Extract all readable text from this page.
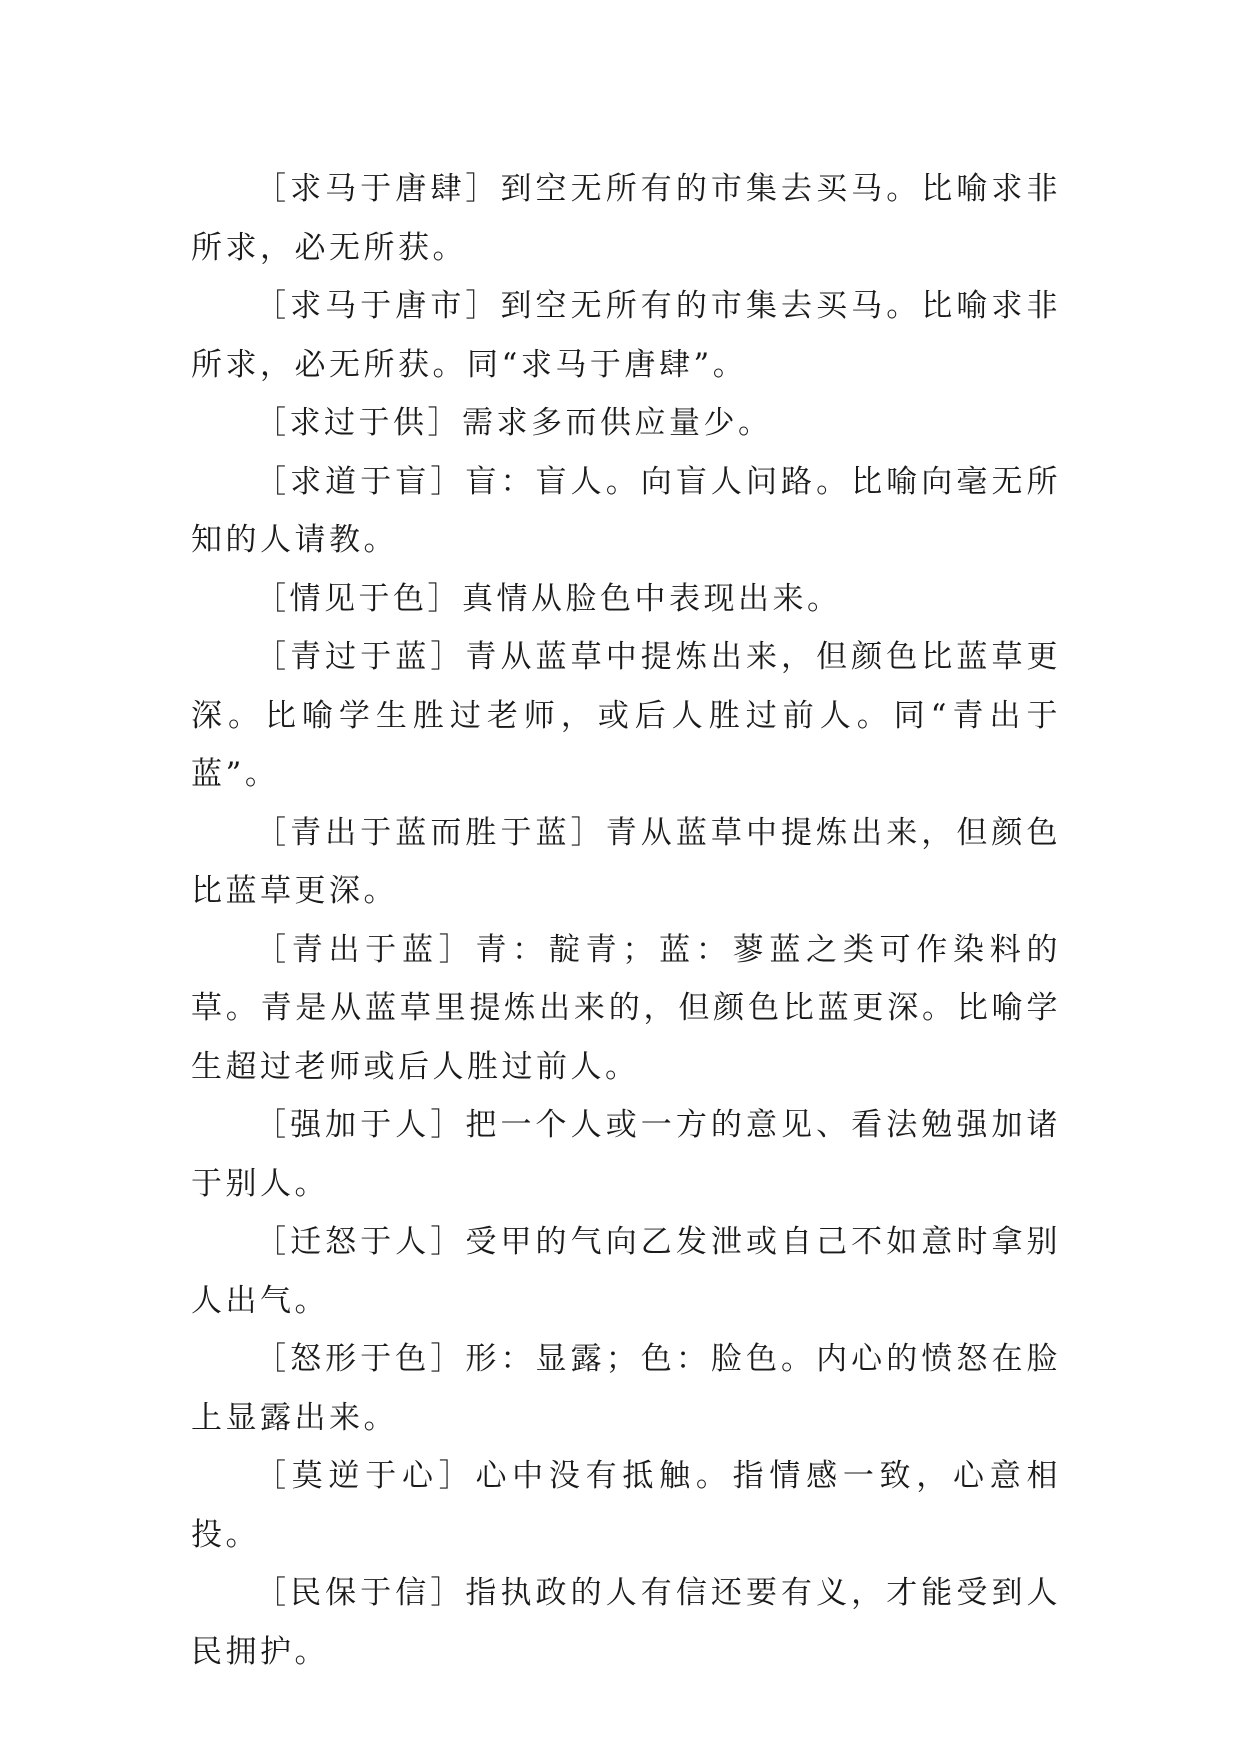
［求马于唐肆］到空无所有的市集去买马。比喻求非所求，必无所获。

［求马于唐市］到空无所有的市集去买马。比喻求非所求，必无所获。同“求马于唐肆”。

［求过于供］需求多而供应量少。

［求道于盲］盲：盲人。向盲人问路。比喻向毫无所知的人请教。

［情见于色］真情从脸色中表现出来。

［青过于蓝］青从蓝草中提炼出来，但颜色比蓝草更深。比喻学生胜过老师，或后人胜过前人。同“青出于蓝”。

［青出于蓝而胜于蓝］青从蓝草中提炼出来，但颜色比蓝草更深。

［青出于蓝］青：靛青；蓝：蓼蓝之类可作染料的草。青是从蓝草里提炼出来的，但颜色比蓝更深。比喻学生超过老师或后人胜过前人。

［强加于人］把一个人或一方的意见、看法勉强加诸于别人。

［迁怒于人］受甲的气向乙发泄或自己不如意时拿别人出气。

［怒形于色］形：显露；色：脸色。内心的愤怒在脸上显露出来。

［莫逆于心］心中没有抵触。指情感一致，心意相投。

［民保于信］指执政的人有信还要有义，才能受到人民拥护。
